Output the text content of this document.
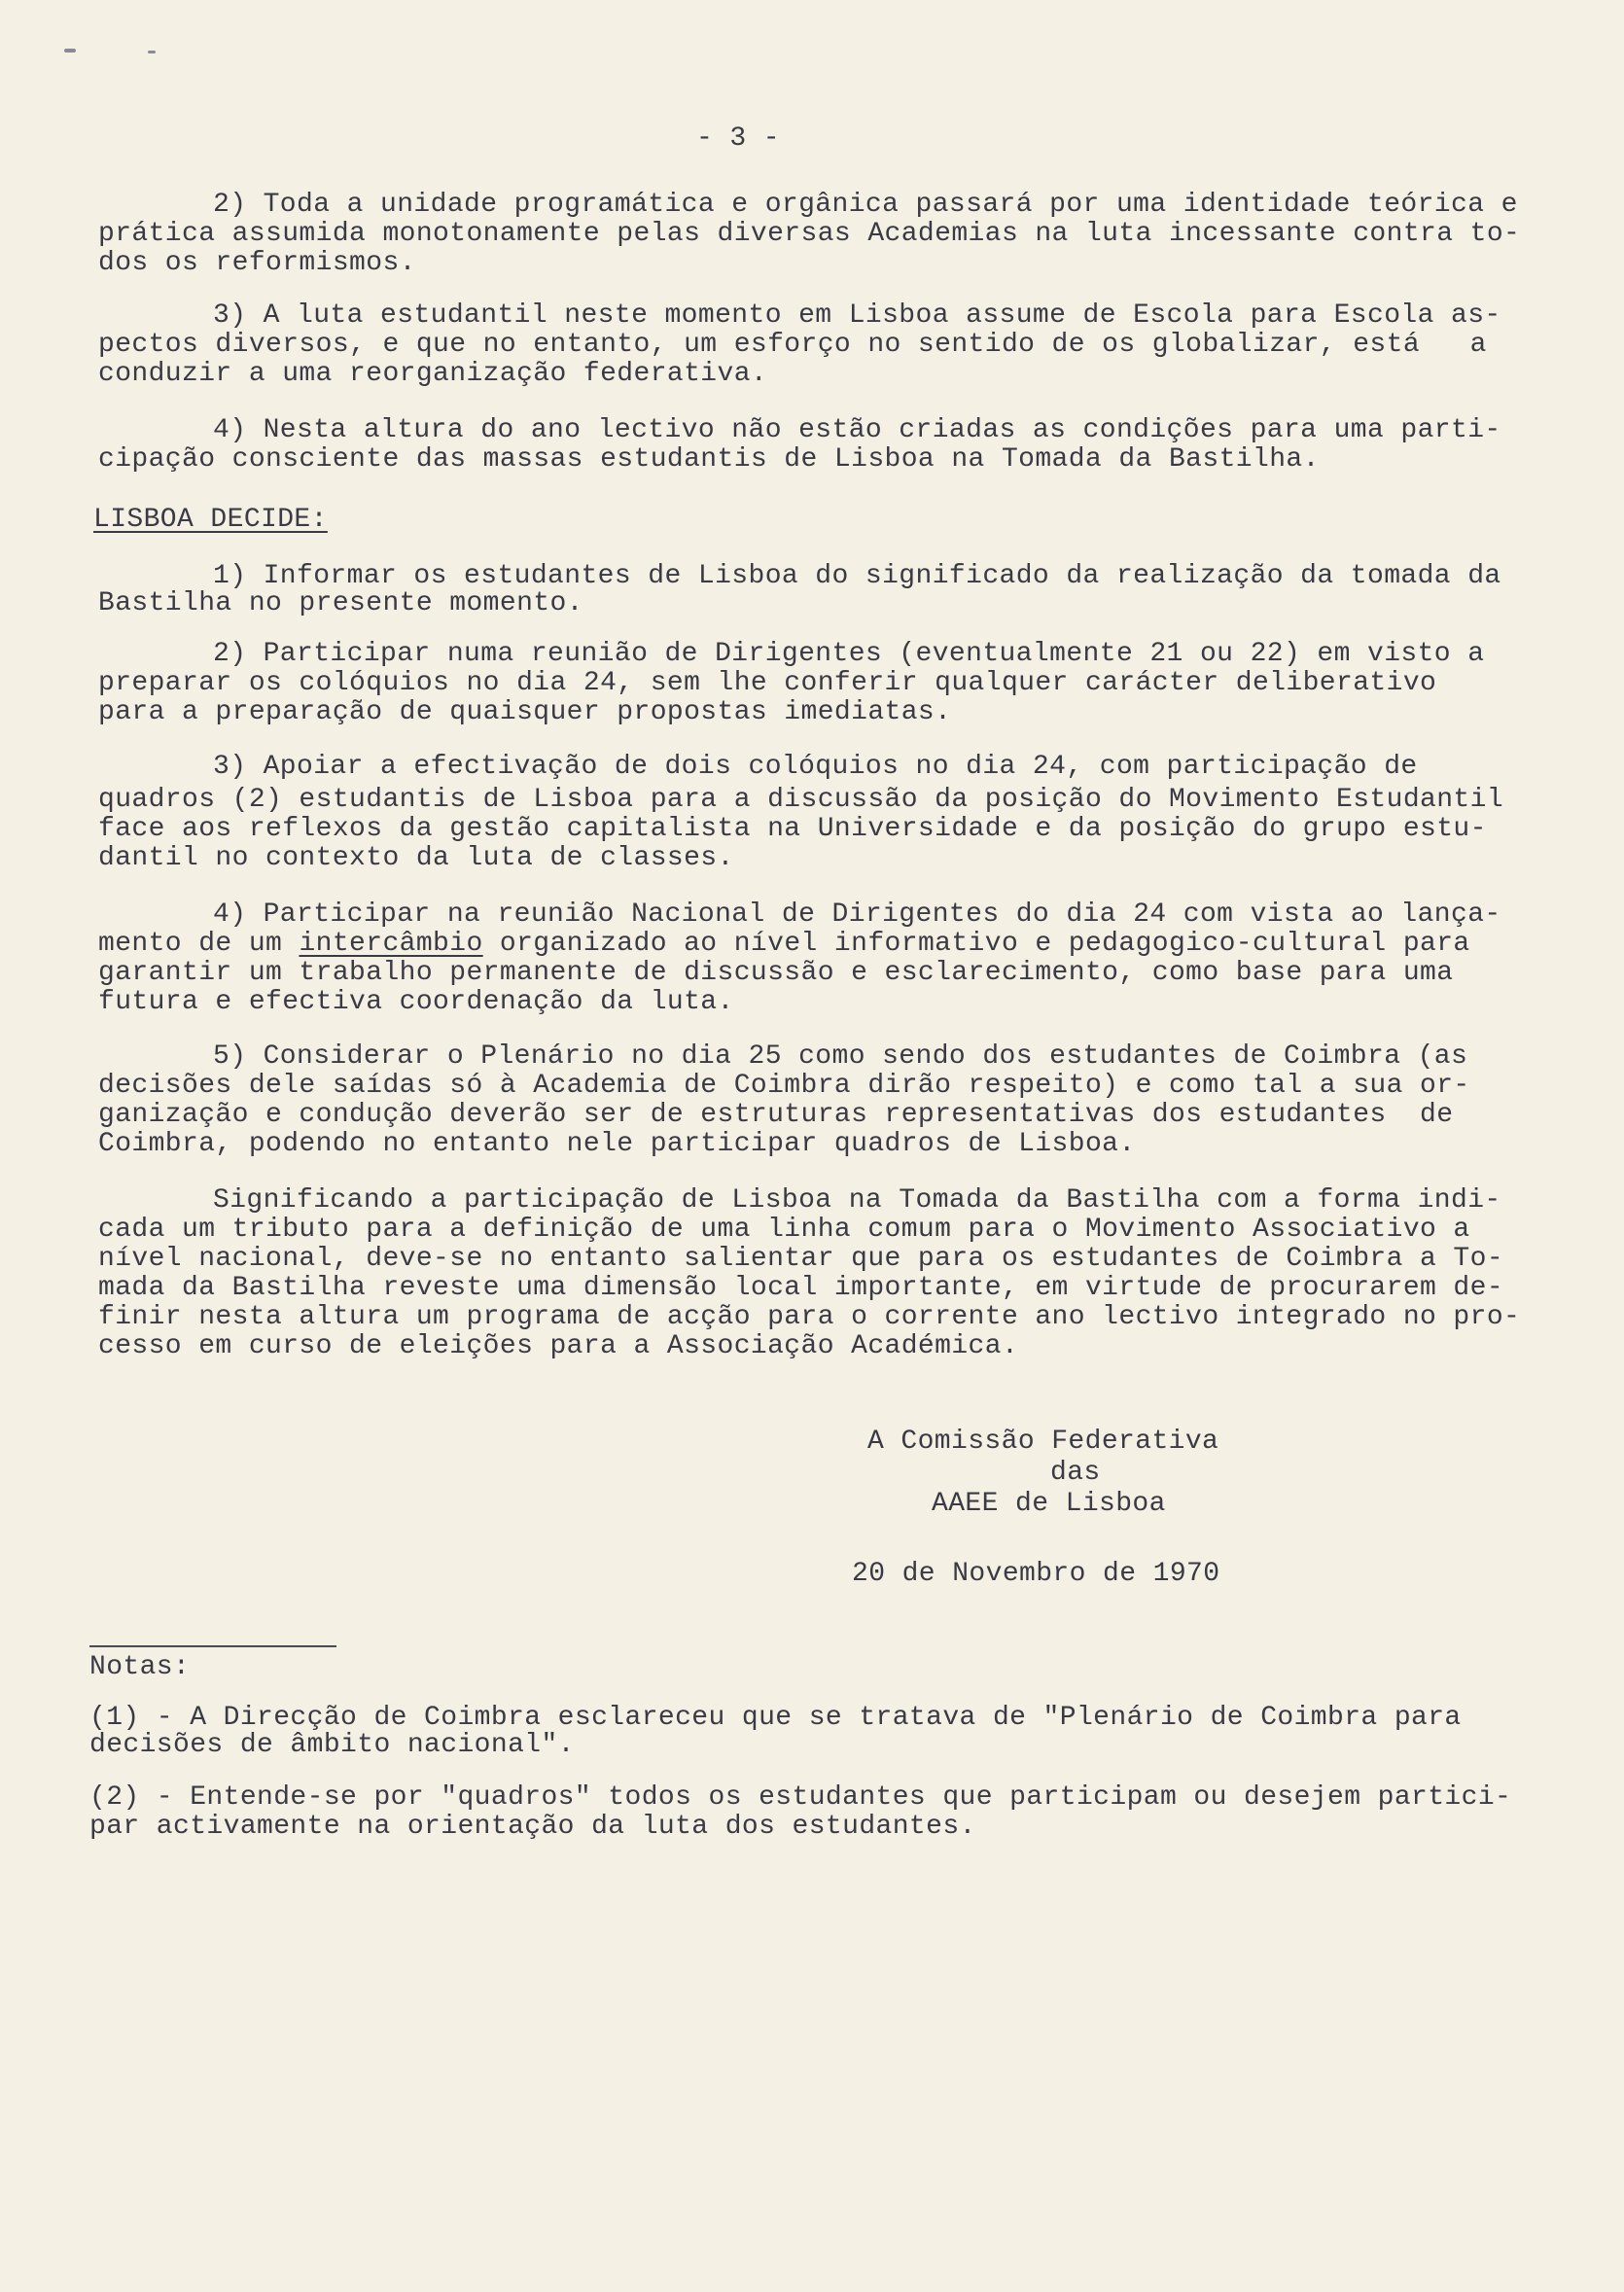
- 3 -
2) Toda a unidade programática e orgânica passará por uma identidade teórica e
prática assumida monotonamente pelas diversas Academias na luta incessante contra to-
dos os reformismos.
3) A luta estudantil neste momento em Lisboa assume de Escola para Escola as-
pectos diversos, e que no entanto, um esforço no sentido de os globalizar, está   a
conduzir a uma reorganização federativa.
4) Nesta altura do ano lectivo não estão criadas as condições para uma parti-
cipação consciente das massas estudantis de Lisboa na Tomada da Bastilha.
LISBOA DECIDE:
1) Informar os estudantes de Lisboa do significado da realização da tomada da
Bastilha no presente momento.
2) Participar numa reunião de Dirigentes (eventualmente 21 ou 22) em visto a
preparar os colóquios no dia 24, sem lhe conferir qualquer carácter deliberativo
para a preparação de quaisquer propostas imediatas.
3) Apoiar a efectivação de dois colóquios no dia 24, com participação de
quadros (2) estudantis de Lisboa para a discussão da posição do Movimento Estudantil
face aos reflexos da gestão capitalista na Universidade e da posição do grupo estu-
dantil no contexto da luta de classes.
4) Participar na reunião Nacional de Dirigentes do dia 24 com vista ao lança-
mento de um intercâmbio organizado ao nível informativo e pedagogico-cultural para
garantir um trabalho permanente de discussão e esclarecimento, como base para uma
futura e efectiva coordenação da luta.
5) Considerar o Plenário no dia 25 como sendo dos estudantes de Coimbra (as
decisões dele saídas só à Academia de Coimbra dirão respeito) e como tal a sua or-
ganização e condução deverão ser de estruturas representativas dos estudantes  de
Coimbra, podendo no entanto nele participar quadros de Lisboa.
Significando a participação de Lisboa na Tomada da Bastilha com a forma indi-
cada um tributo para a definição de uma linha comum para o Movimento Associativo a
nível nacional, deve-se no entanto salientar que para os estudantes de Coimbra a To-
mada da Bastilha reveste uma dimensão local importante, em virtude de procurarem de-
finir nesta altura um programa de acção para o corrente ano lectivo integrado no pro-
cesso em curso de eleições para a Associação Académica.
A Comissão Federativa
das
AAEE de Lisboa
20 de Novembro de 1970
Notas:
(1) - A Direcção de Coimbra esclareceu que se tratava de "Plenário de Coimbra para
decisões de âmbito nacional".
(2) - Entende-se por "quadros" todos os estudantes que participam ou desejem partici-
par activamente na orientação da luta dos estudantes.
